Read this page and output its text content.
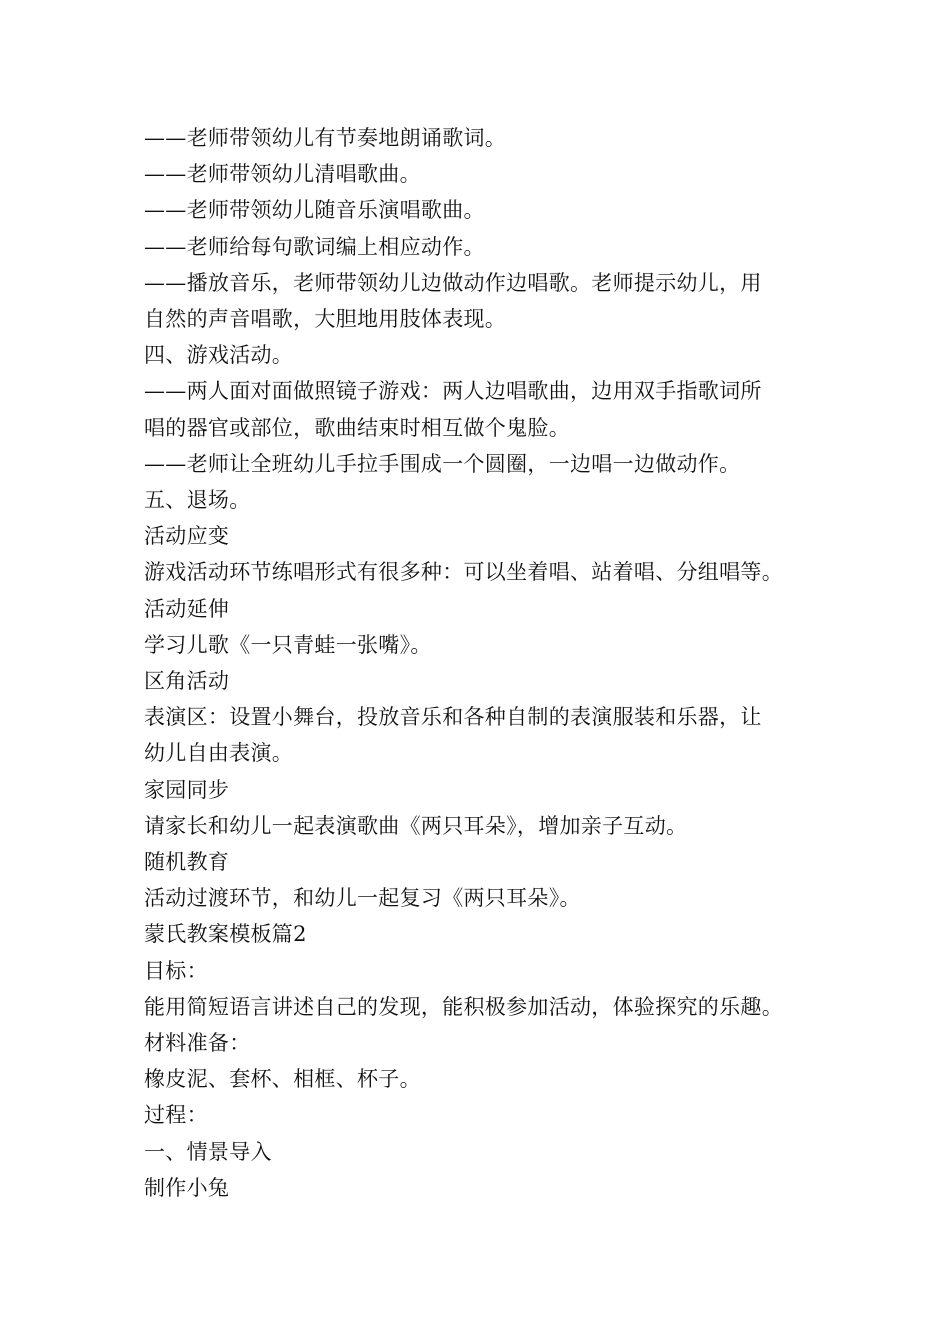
——老师带领幼儿有节奏地朗诵歌词。
——老师带领幼儿清唱歌曲。
——老师带领幼儿随音乐演唱歌曲。
——老师给每句歌词编上相应动作。
——播放音乐，老师带领幼儿边做动作边唱歌。老师提示幼儿，用
自然的声音唱歌，大胆地用肢体表现。
四、游戏活动。
——两人面对面做照镜子游戏：两人边唱歌曲，边用双手指歌词所
唱的器官或部位，歌曲结束时相互做个鬼脸。
——老师让全班幼儿手拉手围成一个圆圈，一边唱一边做动作。
五、退场。
活动应变
游戏活动环节练唱形式有很多种：可以坐着唱、站着唱、分组唱等。
活动延伸
学习儿歌《一只青蛙一张嘴》。
区角活动
表演区：设置小舞台，投放音乐和各种自制的表演服装和乐器，让
幼儿自由表演。
家园同步
请家长和幼儿一起表演歌曲《两只耳朵》，增加亲子互动。
随机教育
活动过渡环节，和幼儿一起复习《两只耳朵》。
蒙氏教案模板篇2
目标：
能用简短语言讲述自己的发现，能积极参加活动，体验探究的乐趣。
材料准备：
橡皮泥、套杯、相框、杯子。
过程：
一、情景导入
制作小兔
